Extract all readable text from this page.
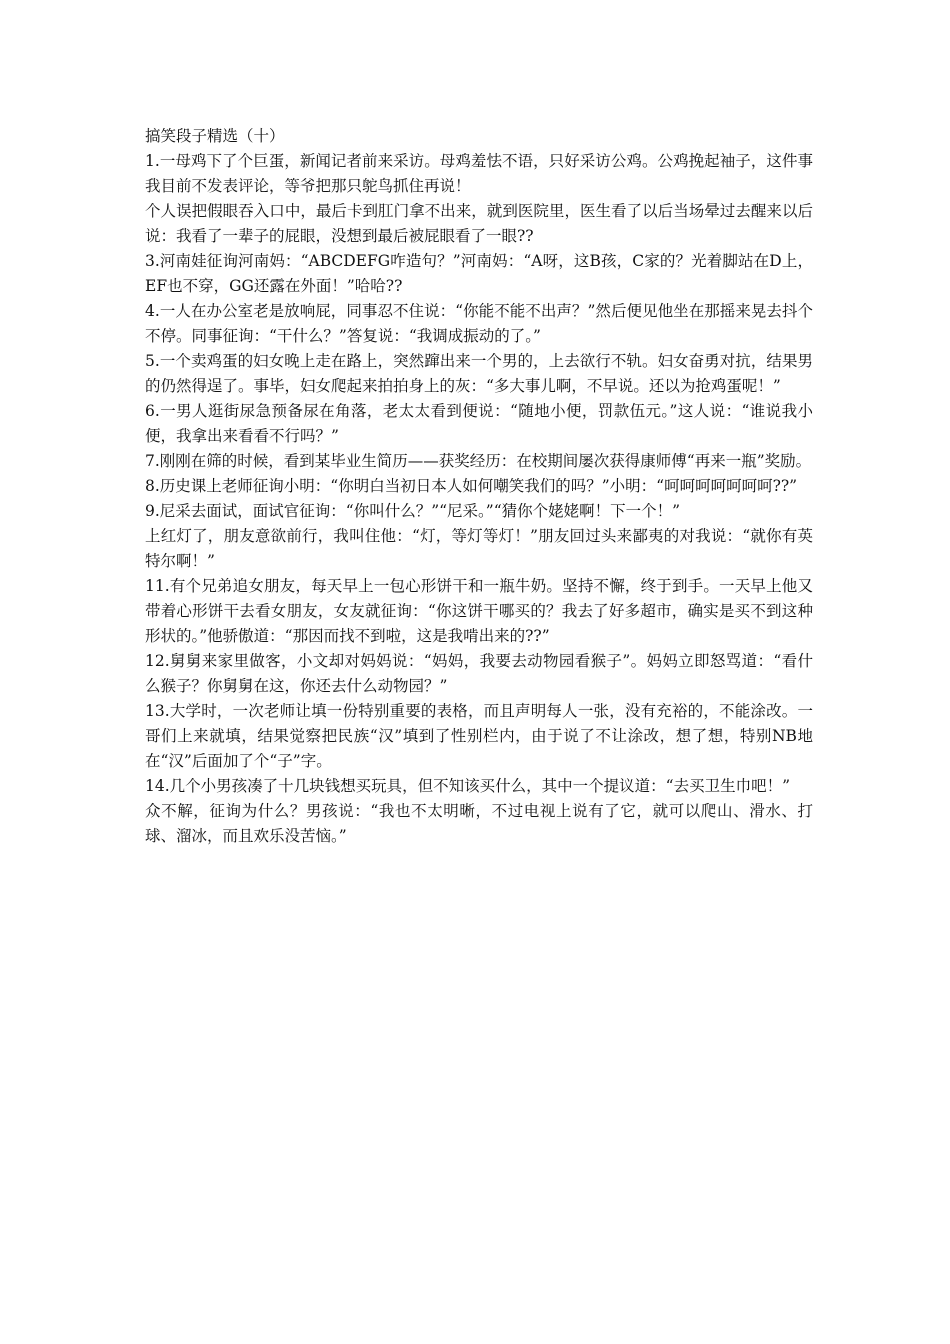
搞笑段子精选（十）

1.一母鸡下了个巨蛋，新闻记者前来采访。母鸡羞怯不语，只好采访公鸡。公鸡挽起袖子，这件事我目前不发表评论，等爷把那只鸵鸟抓住再说！

个人误把假眼吞入口中，最后卡到肛门拿不出来，就到医院里，医生看了以后当场晕过去醒来以后说：我看了一辈子的屁眼，没想到最后被屁眼看了一眼??

3.河南娃征询河南妈：“ABCDEFG咋造句？”河南妈：“A呀，这B孩，C家的？光着脚站在D上，EF也不穿，GG还露在外面！”哈哈??

4.一人在办公室老是放响屁，同事忍不住说：“你能不能不出声？”然后便见他坐在那摇来晃去抖个不停。同事征询：“干什么？”答复说：“我调成振动的了。”

5.一个卖鸡蛋的妇女晚上走在路上，突然蹿出来一个男的，上去欲行不轨。妇女奋勇对抗，结果男的仍然得逞了。事毕，妇女爬起来拍拍身上的灰：“多大事儿啊，不早说。还以为抢鸡蛋呢！”

6.一男人逛街尿急预备尿在角落，老太太看到便说：“随地小便，罚款伍元。”这人说：“谁说我小便，我拿出来看看不行吗？”

7.刚刚在筛的时候，看到某毕业生简历——获奖经历：在校期间屡次获得康师傅“再来一瓶”奖励。

8.历史课上老师征询小明：“你明白当初日本人如何嘲笑我们的吗？”小明：“呵呵呵呵呵呵呵??”

9.尼采去面试，面试官征询：“你叫什么？”“尼采。”“猜你个姥姥啊！下一个！”

上红灯了，朋友意欲前行，我叫住他：“灯，等灯等灯！”朋友回过头来鄙夷的对我说：“就你有英特尔啊！”

11.有个兄弟追女朋友，每天早上一包心形饼干和一瓶牛奶。坚持不懈，终于到手。一天早上他又带着心形饼干去看女朋友，女友就征询：“你这饼干哪买的？我去了好多超市，确实是买不到这种形状的。”他骄傲道：“那因而找不到啦，这是我啃出来的??”

12.舅舅来家里做客，小文却对妈妈说：“妈妈，我要去动物园看猴子”。妈妈立即怒骂道：“看什么猴子？你舅舅在这，你还去什么动物园？”

13.大学时，一次老师让填一份特别重要的表格，而且声明每人一张，没有充裕的，不能涂改。一哥们上来就填，结果觉察把民族“汉”填到了性别栏内，由于说了不让涂改，想了想，特别NB地在“汉”后面加了个“子”字。

14.几个小男孩凑了十几块钱想买玩具，但不知该买什么，其中一个提议道：“去买卫生巾吧！”

众不解，征询为什么？男孩说：“我也不太明晰，不过电视上说有了它，就可以爬山、滑水、打球、溜冰，而且欢乐没苦恼。”
